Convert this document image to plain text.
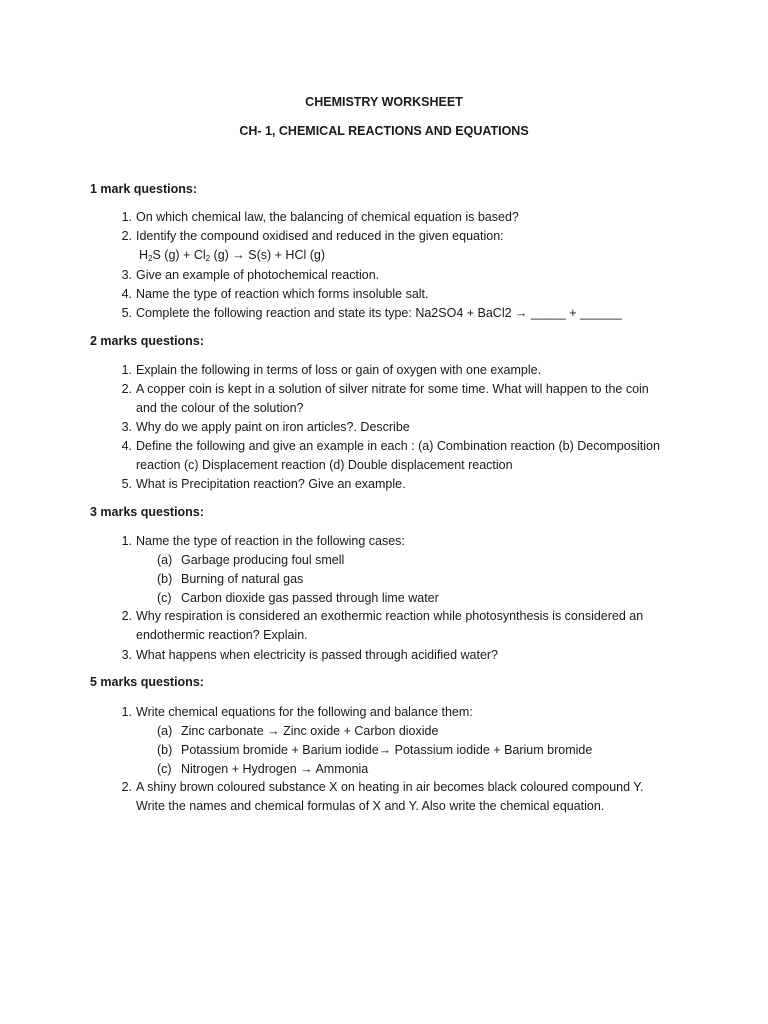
CHEMISTRY WORKSHEET
CH- 1, CHEMICAL REACTIONS AND EQUATIONS
1 mark questions:
1. On which chemical law, the balancing of chemical equation is based?
2. Identify the compound oxidised and reduced in the given equation:
$H_2S$ $(g) + Cl_2$ (g) → S(s) + HCl (g)
3. Give an example of photochemical reaction.
4. Name the type of reaction which forms insoluble salt.
5. Complete the following reaction and state its type: Na2SO4 + BaCl2 → _____ + ______
2 marks questions:
1. Explain the following in terms of loss or gain of oxygen with one example.
2. A copper coin is kept in a solution of silver nitrate for some time. What will happen to the coin
and the colour of the solution?
3. Why do we apply paint on iron articles?. Describe
4. Define the following and give an example in each : (a) Combination reaction (b) Decomposition
reaction (c) Displacement reaction (d) Double displacement reaction
5. What is Precipitation reaction? Give an example.
3 marks questions:
1. Name the type of reaction in the following cases:
(a) Garbage producing foul smell
(b) Burning of natural gas
(c) Carbon dioxide gas passed through lime water
2. Why respiration is considered an exothermic reaction while photosynthesis is considered an
endothermic reaction? Explain.
3. What happens when electricity is passed through acidified water?
5 marks questions:
1. Write chemical equations for the following and balance them:
(a) Zinc carbonate → Zinc oxide + Carbon dioxide
(b) Potassium bromide + Barium iodide→ Potassium iodide + Barium bromide
(c) Nitrogen + Hydrogen → Ammonia
2. A shiny brown coloured substance X on heating in air becomes black coloured compound Y.
Write the names and chemical formulas of X and Y. Also write the chemical equation.
